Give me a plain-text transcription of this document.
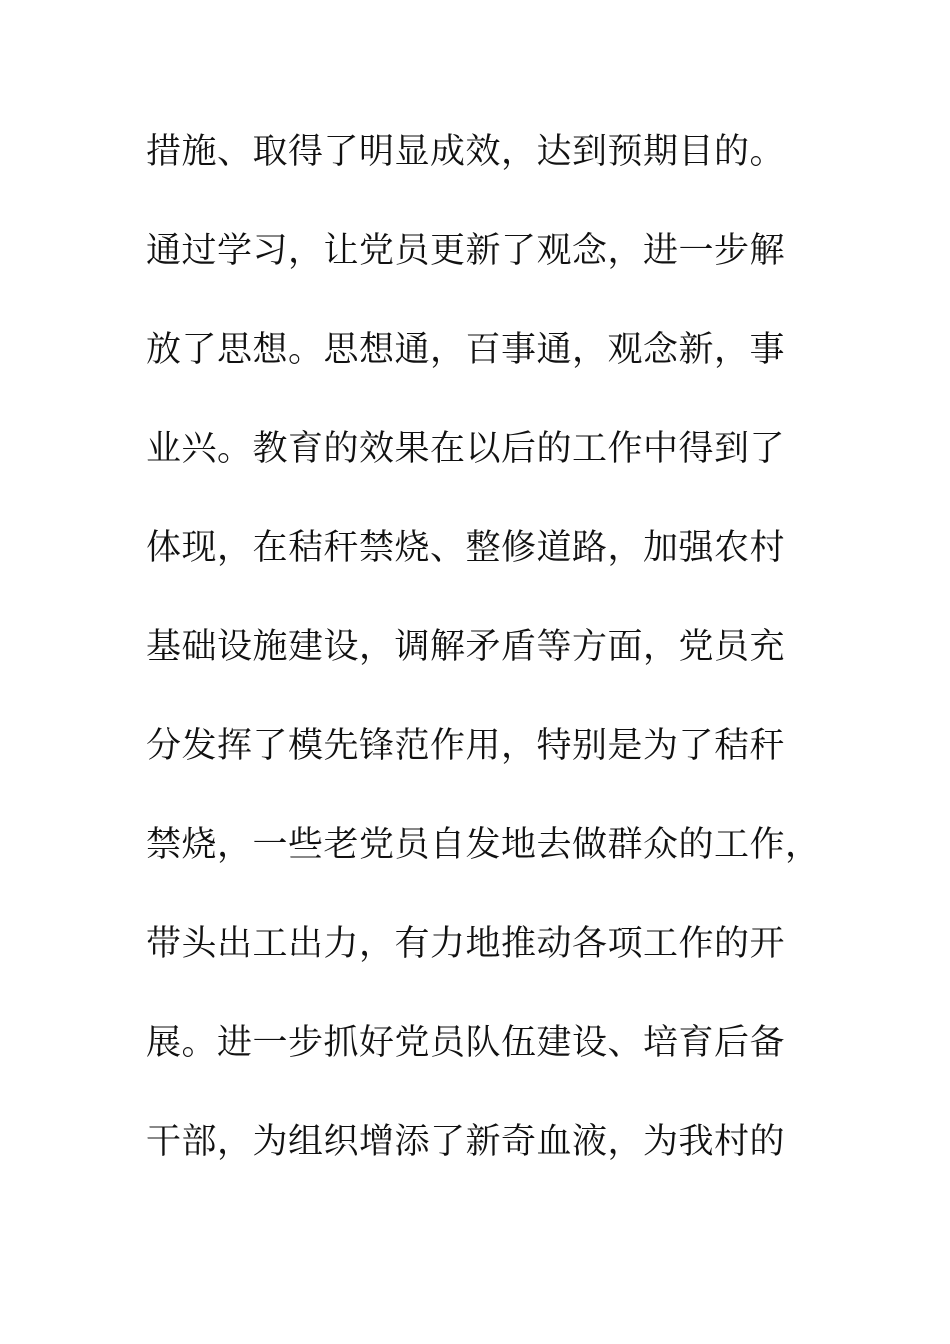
措施、取得了明显成效，达到预期目的。

通过学习，让党员更新了观念，进一步解

放了思想。思想通，百事通，观念新，事

业兴。教育的效果在以后的工作中得到了

体现，在秸秆禁烧、整修道路，加强农村

基础设施建设，调解矛盾等方面，党员充

分发挥了模先锋范作用，特别是为了秸秆

禁烧，一些老党员自发地去做群众的工作，

带头出工出力，有力地推动各项工作的开

展。进一步抓好党员队伍建设、培育后备

干部，为组织增添了新奇血液，为我村的
